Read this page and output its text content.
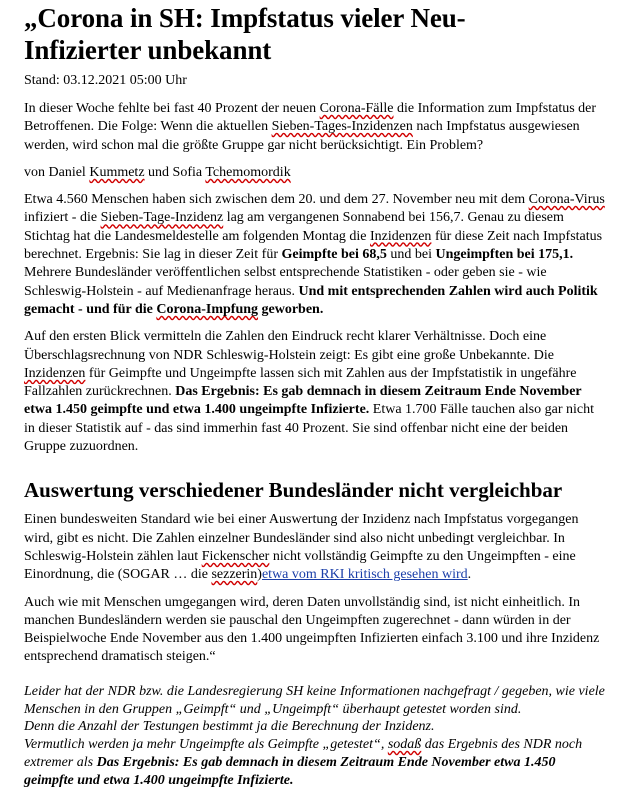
„Corona in SH: Impfstatus vieler Neu-
Infizierter unbekannt
Stand: 03.12.2021 05:00 Uhr

In dieser Woche fehlte bei fast 40 Prozent der neuen Corona-Fälle die Information zum Impfstatus der Betroffenen. Die Folge: Wenn die aktuellen Sieben-Tages-Inzidenzen nach Impfstatus ausgewiesen werden, wird schon mal die größte Gruppe gar nicht berücksichtigt. Ein Problem?

von Daniel Kummetz und Sofia Tchemomordik

Etwa 4.560 Menschen haben sich zwischen dem 20. und dem 27. November neu mit dem Corona-Virus infiziert - die Sieben-Tage-Inzidenz lag am vergangenen Sonnabend bei 156,7. Genau zu diesem Stichtag hat die Landesmeldestelle am folgenden Montag die Inzidenzen für diese Zeit nach Impfstatus berechnet. Ergebnis: Sie lag in dieser Zeit für Geimpfte bei 68,5 und bei Ungeimpften bei 175,1. Mehrere Bundesländer veröffentlichen selbst entsprechende Statistiken - oder geben sie - wie Schleswig-Holstein - auf Medienanfrage heraus. Und mit entsprechenden Zahlen wird auch Politik gemacht - und für die Corona-Impfung geworben.

Auf den ersten Blick vermitteln die Zahlen den Eindruck recht klarer Verhältnisse. Doch eine Überschlagsrechnung von NDR Schleswig-Holstein zeigt: Es gibt eine große Unbekannte. Die Inzidenzen für Geimpfte und Ungeimpfte lassen sich mit Zahlen aus der Impfstatistik in ungefähre Fallzahlen zurückrechnen. Das Ergebnis: Es gab demnach in diesem Zeitraum Ende November etwa 1.450 geimpfte und etwa 1.400 ungeimpfte Infizierte. Etwa 1.700 Fälle tauchen also gar nicht in dieser Statistik auf - das sind immerhin fast 40 Prozent. Sie sind offenbar nicht eine der beiden Gruppe zuzuordnen.

Auswertung verschiedener Bundesländer nicht vergleichbar

Einen bundesweiten Standard wie bei einer Auswertung der Inzidenz nach Impfstatus vorgegangen wird, gibt es nicht. Die Zahlen einzelner Bundesländer sind also nicht unbedingt vergleichbar. In Schleswig-Holstein zählen laut Fickenscher nicht vollständig Geimpfte zu den Ungeimpften - eine Einordnung, die (SOGAR … die sezzerin)etwa vom RKI kritisch gesehen wird.

Auch wie mit Menschen umgegangen wird, deren Daten unvollständig sind, ist nicht einheitlich. In manchen Bundesländern werden sie pauschal den Ungeimpften zugerechnet - dann würden in der Beispielwoche Ende November aus den 1.400 ungeimpften Infizierten einfach 3.100 und ihre Inzidenz entsprechend dramatisch steigen.“

Leider hat der NDR bzw. die Landesregierung SH keine Informationen nachgefragt / gegeben, wie viele Menschen in den Gruppen „Geimpft“ und „Ungeimpft“ überhaupt getestet worden sind.
Denn die Anzahl der Testungen bestimmt ja die Berechnung der Inzidenz.
Vermutlich werden ja mehr Ungeimpfte als Geimpfte „getestet“, sodaß das Ergebnis des NDR noch extremer als Das Ergebnis: Es gab demnach in diesem Zeitraum Ende November etwa 1.450 geimpfte und etwa 1.400 ungeimpfte Infizierte.
